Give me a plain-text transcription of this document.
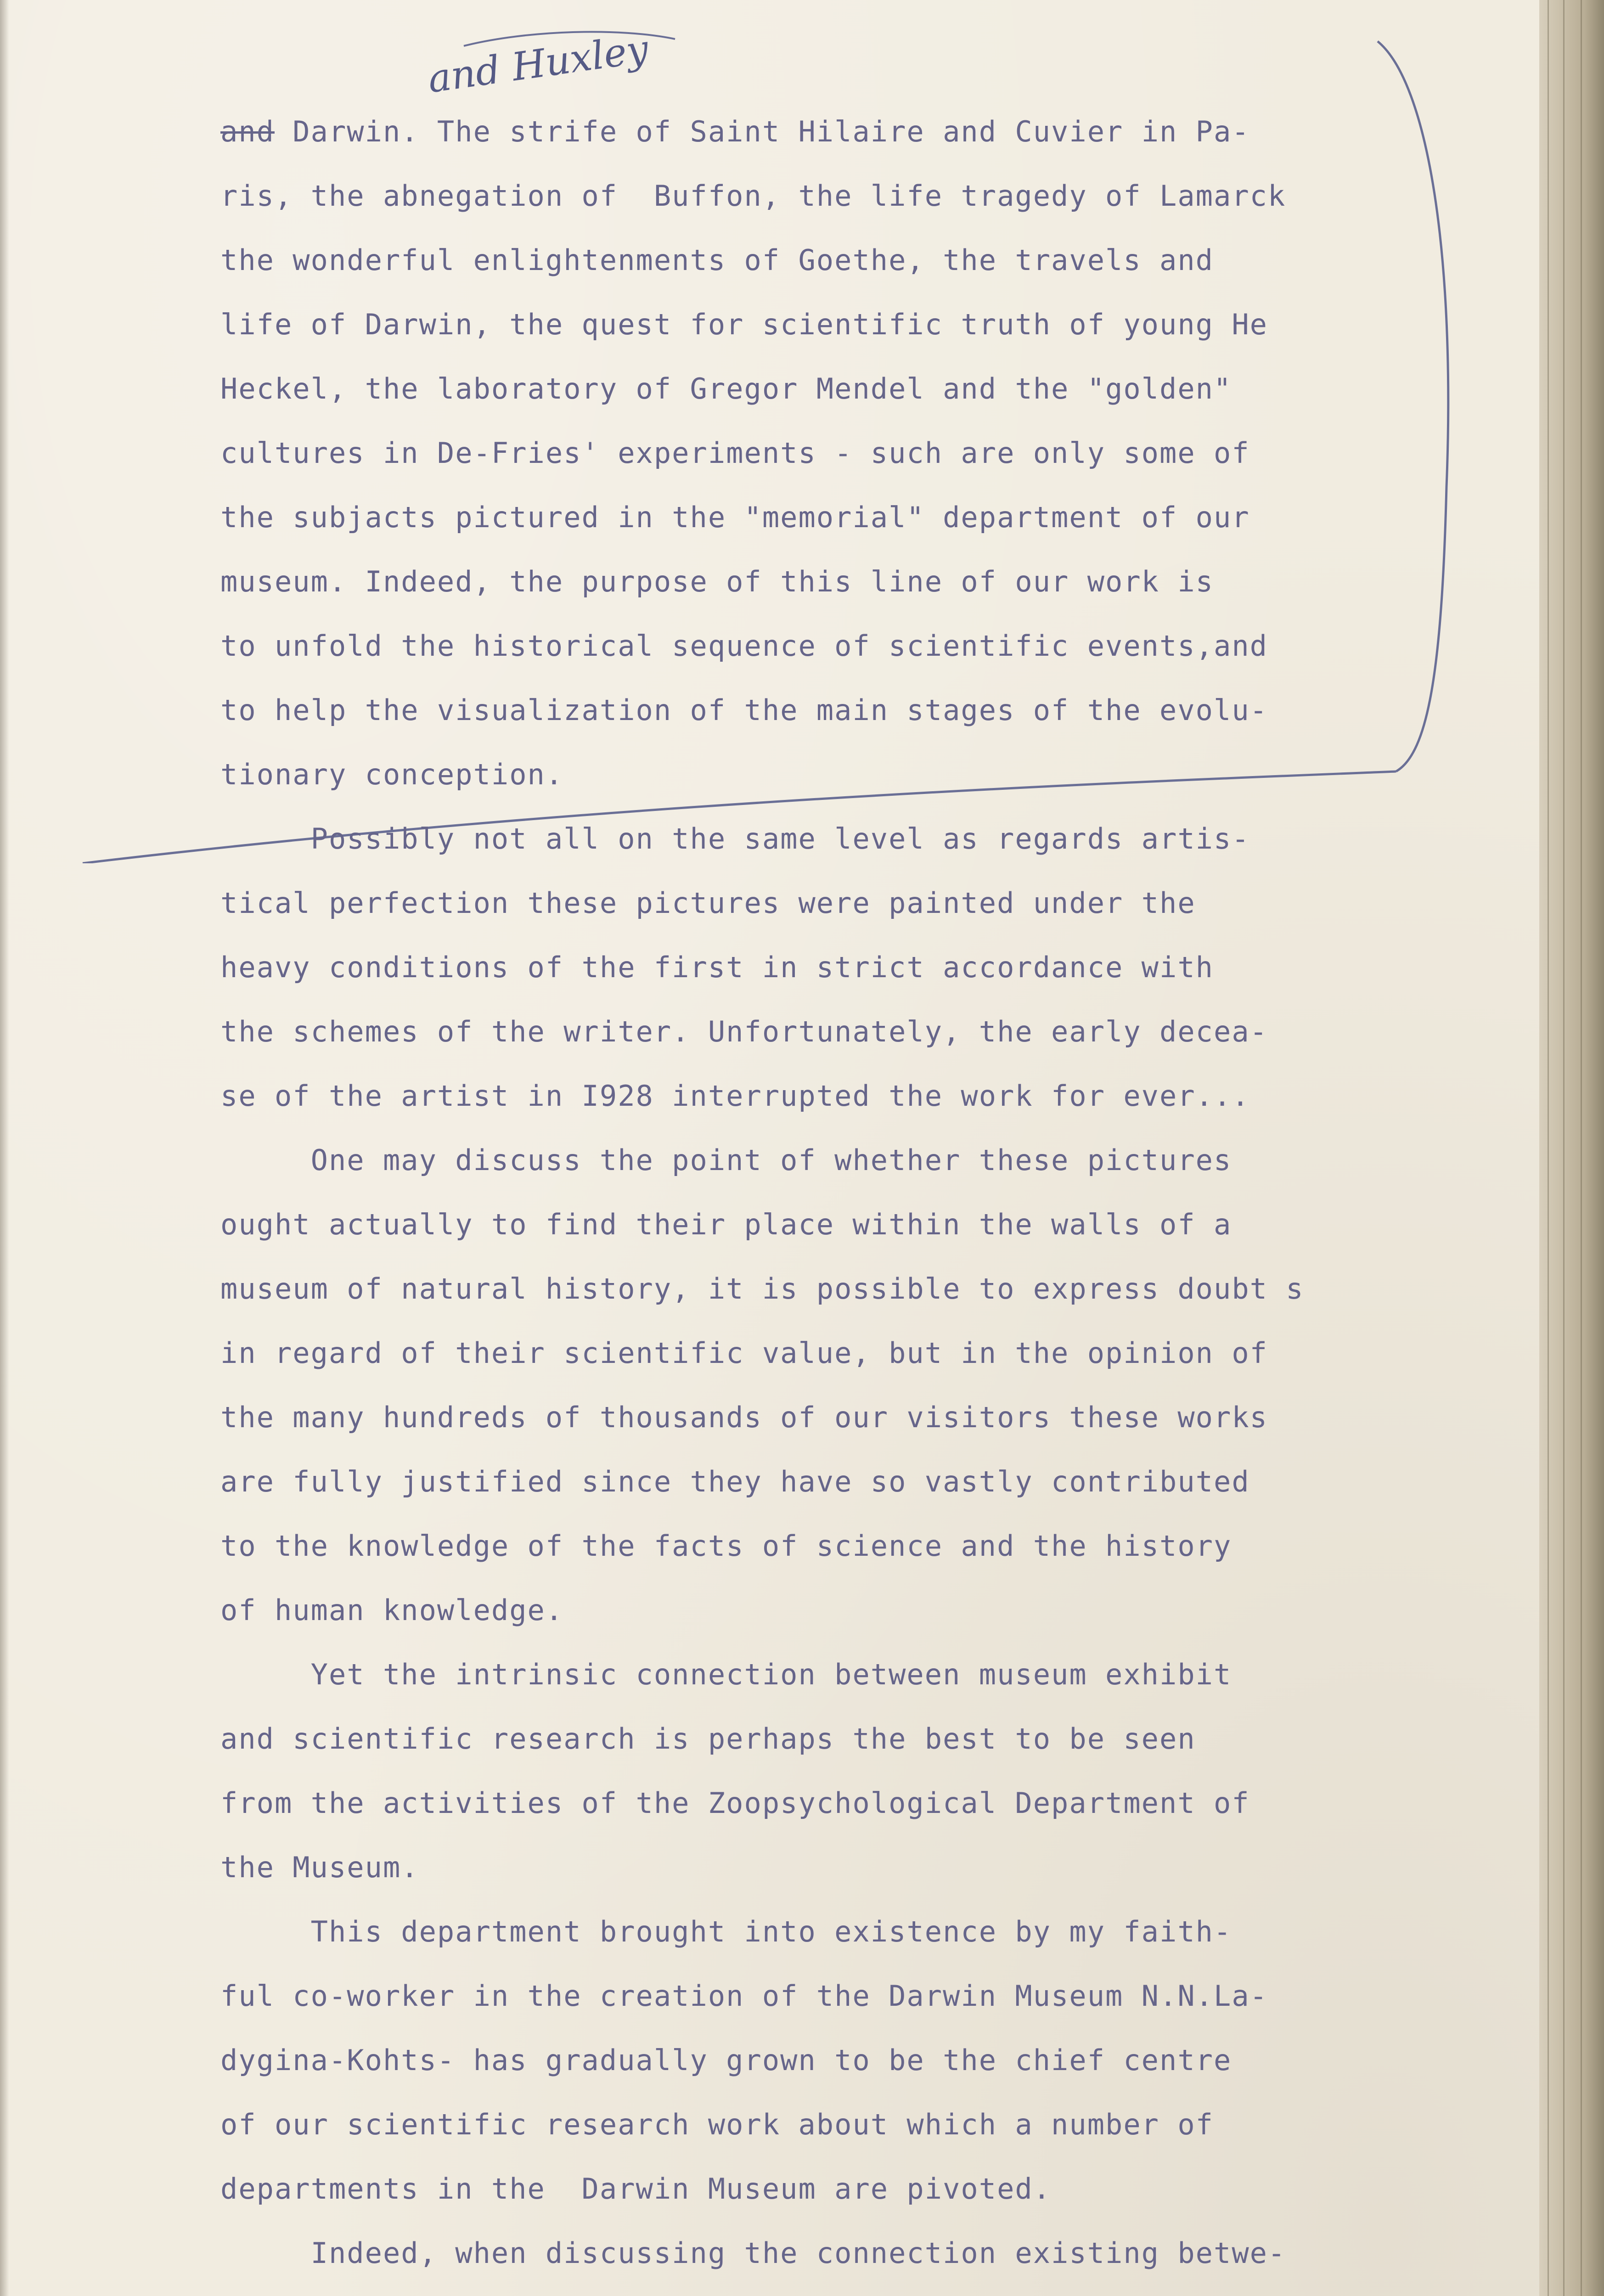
and Huxley
and Darwin. The strife of Saint Hilaire and Cuvier in Pa-
ris, the abnegation of  Buffon, the life tragedy of Lamarck
the wonderful enlightenments of Goethe, the travels and
life of Darwin, the quest for scientific truth of young He
Heckel, the laboratory of Gregor Mendel and the "golden"
cultures in De-Fries' experiments - such are only some of
the subjacts pictured in the "memorial" department of our
museum. Indeed, the purpose of this line of our work is
to unfold the historical sequence of scientific events,and
to help the visualization of the main stages of the evolu-
tionary conception.
Possibly not all on the same level as regards artis-
tical perfection these pictures were painted under the
heavy conditions of the first in strict accordance with
the schemes of the writer. Unfortunately, the early decea-
se of the artist in I928 interrupted the work for ever...
One may discuss the point of whether these pictures
ought actually to find their place within the walls of a
museum of natural history, it is possible to express doubt s
in regard of their scientific value, but in the opinion of
the many hundreds of thousands of our visitors these works
are fully justified since they have so vastly contributed
to the knowledge of the facts of science and the history
of human knowledge.
Yet the intrinsic connection between museum exhibit
and scientific research is perhaps the best to be seen
from the activities of the Zoopsychological Department of
the Museum.
This department brought into existence by my faith-
ful co-worker in the creation of the Darwin Museum N.N.La-
dygina-Kohts- has gradually grown to be the chief centre
of our scientific research work about which a number of
departments in the  Darwin Museum are pivoted.
Indeed, when discussing the connection existing betwe-
